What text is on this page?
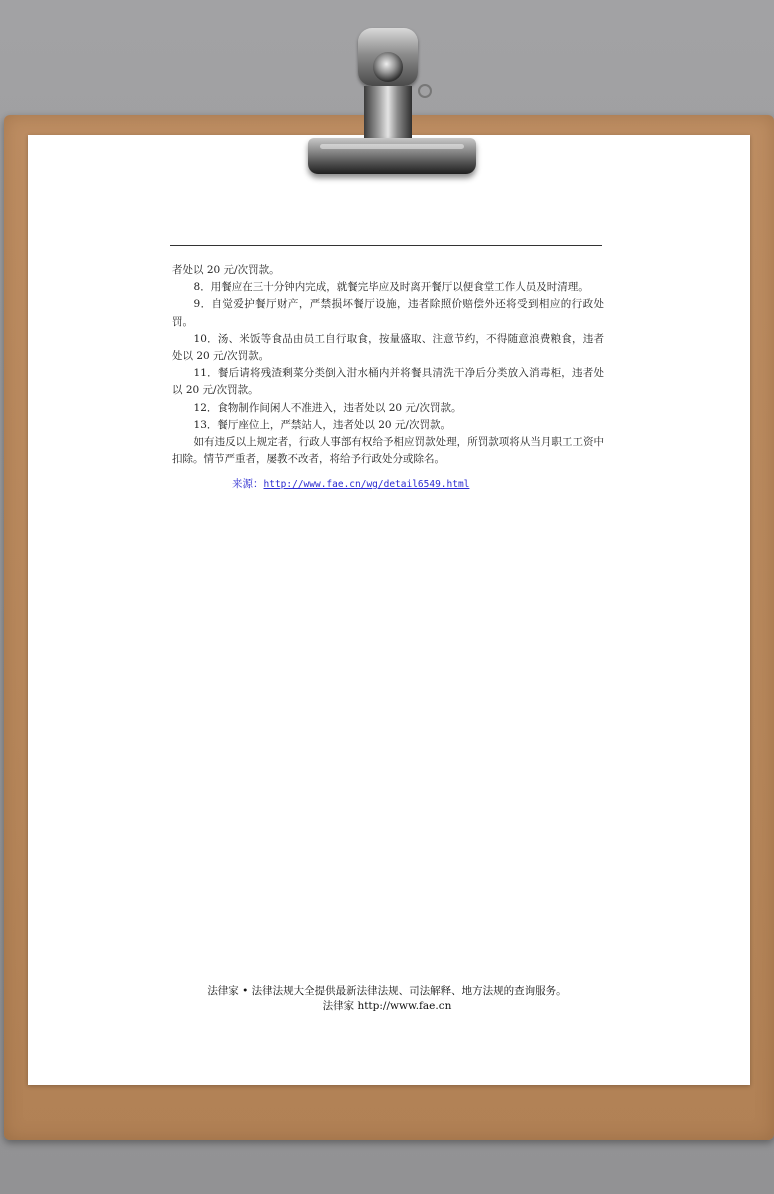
者处以 20 元/次罚款。

8．用餐应在三十分钟内完成，就餐完毕应及时离开餐厅以便食堂工作人员及时清理。

9．自觉爱护餐厅财产，严禁损坏餐厅设施，违者除照价赔偿外还将受到相应的行政处罚。

10．汤、米饭等食品由员工自行取食，按量盛取、注意节约，不得随意浪费粮食，违者处以 20 元/次罚款。

11．餐后请将残渣剩菜分类倒入泔水桶内并将餐具清洗干净后分类放入消毒柜，违者处以 20 元/次罚款。

12．食物制作间闲人不准进入，违者处以 20 元/次罚款。

13．餐厅座位上，严禁站人，违者处以 20 元/次罚款。

如有违反以上规定者，行政人事部有权给予相应罚款处理，所罚款项将从当月职工工资中扣除。情节严重者，屡教不改者，将给予行政处分或除名。

来源：http://www.fae.cn/wg/detail6549.html
法律家 • 法律法规大全提供最新法律法规、司法解释、地方法规的查询服务。
法律家 http://www.fae.cn
